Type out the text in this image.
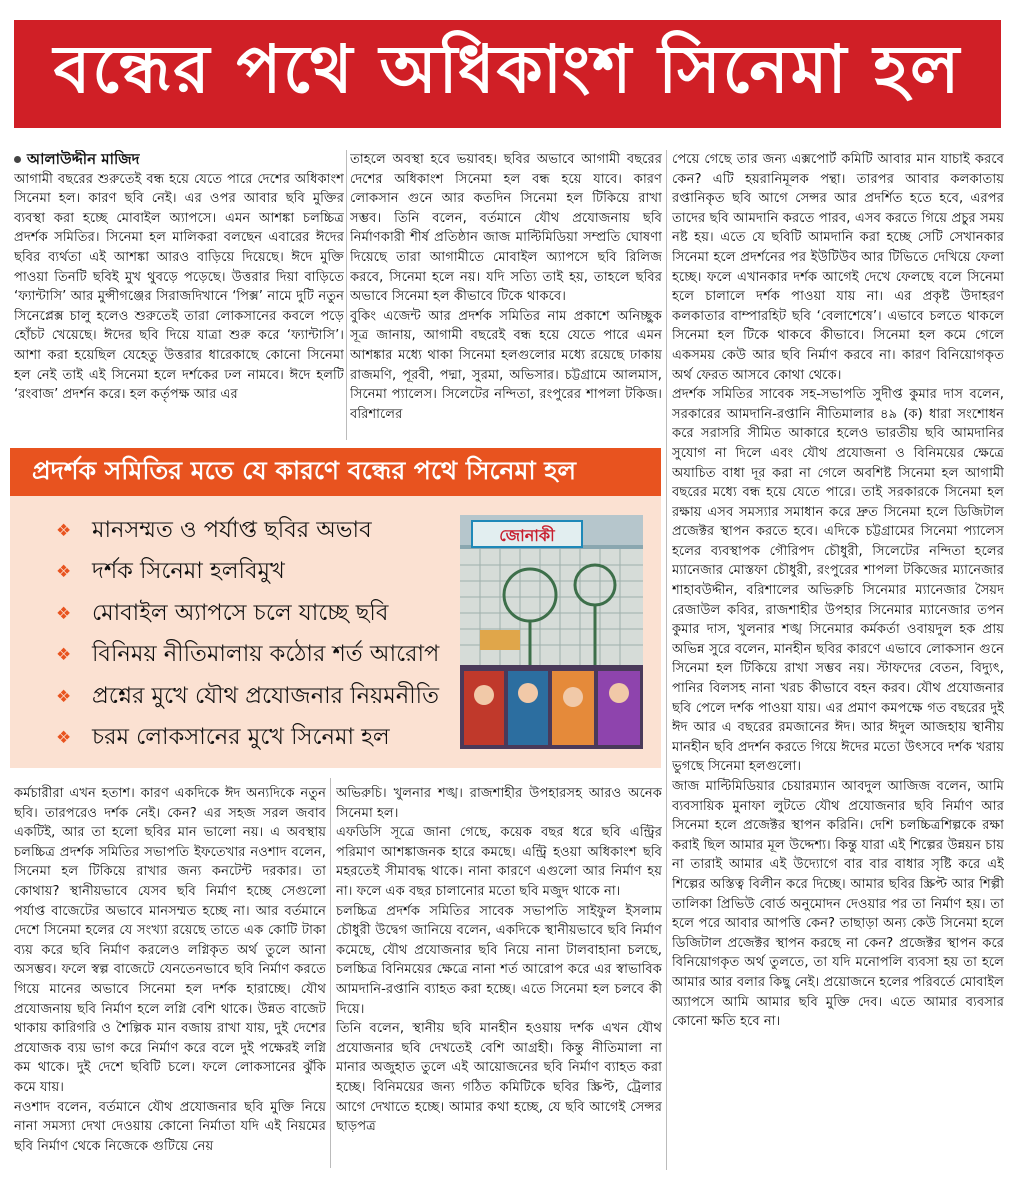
বন্ধের পথে অধিকাংশ সিনেমা হল
আলাউদ্দীন মাজিদ

আগামী বছরের শুরুতেই বন্ধ হয়ে যেতে পারে দেশের অধিকাংশ সিনেমা হল। কারণ ছবি নেই। এর ওপর আবার ছবি মুক্তির ব্যবস্থা করা হচ্ছে মোবাইল অ্যাপসে। এমন আশঙ্কা চলচ্চিত্র প্রদর্শক সমিতির। সিনেমা হল মালিকরা বলছেন এবারের ঈদের ছবির ব্যর্থতা এই আশঙ্কা আরও বাড়িয়ে দিয়েছে। ঈদে মুক্তি পাওয়া তিনটি ছবিই মুখ থুবড়ে পড়েছে। উত্তরার দিয়া বাড়িতে ‘ফ্যান্টাসি’ আর মুন্সীগঞ্জের সিরাজদিখানে ‘পিক্স’ নামে দুটি নতুন সিনেপ্লেক্স চালু হলেও শুরুতেই তারা লোকসানের কবলে পড়ে হোঁচট খেয়েছে। ঈদের ছবি দিয়ে যাত্রা শুরু করে ‘ফ্যান্টাসি’। আশা করা হয়েছিল যেহেতু উত্তরার ধারেকাছে কোনো সিনেমা হল নেই তাই এই সিনেমা হলে দর্শকের ঢল নামবে। ঈদে হলটি ‘রংবাজ’ প্রদর্শন করে। হল কর্তৃপক্ষ আর এর

তাহলে অবস্থা হবে ভয়াবহ। ছবির অভাবে আগামী বছরের দেশের অধিকাংশ সিনেমা হল বন্ধ হয়ে যাবে। কারণ লোকসান গুনে আর কতদিন সিনেমা হল টিকিয়ে রাখা সম্ভব। তিনি বলেন, বর্তমানে যৌথ প্রযোজনায় ছবি নির্মাণকারী শীর্ষ প্রতিষ্ঠান জাজ মাল্টিমিডিয়া সম্প্রতি ঘোষণা দিয়েছে তারা আগামীতে মোবাইল অ্যাপসে ছবি রিলিজ করবে, সিনেমা হলে নয়। যদি সত্যি তাই হয়, তাহলে ছবির অভাবে সিনেমা হল কীভাবে টিকে থাকবে।

বুকিং এজেন্ট আর প্রদর্শক সমিতির নাম প্রকাশে অনিচ্ছুক সূত্র জানায়, আগামী বছরেই বন্ধ হয়ে যেতে পারে এমন আশঙ্কার মধ্যে থাকা সিনেমা হলগুলোর মধ্যে রয়েছে ঢাকায় রাজমণি, পূরবী, পদ্মা, সুরমা, অভিসার। চট্টগ্রামে আলমাস, সিনেমা প্যালেস। সিলেটের নন্দিতা, রংপুরের শাপলা টকিজ। বরিশালের

পেয়ে গেছে তার জন্য এক্সপোর্ট কমিটি আবার মান যাচাই করবে কেন? এটি হয়রানিমূলক পন্থা। তারপর আবার কলকাতায় রপ্তানিকৃত ছবি আগে সেন্সর আর প্রদর্শিত হতে হবে, এরপর তাদের ছবি আমদানি করতে পারব, এসব করতে গিয়ে প্রচুর সময় নষ্ট হয়। এতে যে ছবিটি আমদানি করা হচ্ছে সেটি সেখানকার সিনেমা হলে প্রদর্শনের পর ইউটিউব আর টিভিতে দেখিয়ে ফেলা হচ্ছে। ফলে এখানকার দর্শক আগেই দেখে ফেলছে বলে সিনেমা হলে চালালে দর্শক পাওয়া যায় না। এর প্রকৃষ্ট উদাহরণ কলকাতার বাম্পারহিট ছবি ‘বেলাশেষে’। এভাবে চলতে থাকলে সিনেমা হল টিকে থাকবে কীভাবে। সিনেমা হল কমে গেলে একসময় কেউ আর ছবি নির্মাণ করবে না। কারণ বিনিয়োগকৃত অর্থ ফেরত আসবে কোথা থেকে।

প্রদর্শক সমিতির সাবেক সহ-সভাপতি সুদীপ্ত কুমার দাস বলেন, সরকারের আমদানি-রপ্তানি নীতিমালার ৪৯ (ক) ধারা সংশোধন করে সরাসরি সীমিত আকারে হলেও ভারতীয় ছবি আমদানির সুযোগ না দিলে এবং যৌথ প্রযোজনা ও বিনিময়ের ক্ষেত্রে অযাচিত বাধা দূর করা না গেলে অবশিষ্ট সিনেমা হল আগামী বছরের মধ্যে বন্ধ হয়ে যেতে পারে। তাই সরকারকে সিনেমা হল রক্ষায় এসব সমস্যার সমাধান করে দ্রুত সিনেমা হলে ডিজিটাল প্রজেক্টর স্থাপন করতে হবে। এদিকে চট্টগ্রামের সিনেমা প্যালেস হলের ব্যবস্থাপক গৌরিপদ চৌধুরী, সিলেটের নন্দিতা হলের ম্যানেজার মোস্তফা চৌধুরী, রংপুরের শাপলা টকিজের ম্যানেজার শাহাবউদ্দীন, বরিশালের অভিরুচি সিনেমার ম্যানেজার সৈয়দ রেজাউল কবির, রাজশাহীর উপহার সিনেমার ম্যানেজার তপন কুমার দাস, খুলনার শঙ্খ সিনেমার কর্মকর্তা ওবায়দুল হক প্রায় অভিন্ন সুরে বলেন, মানহীন ছবির কারণে এভাবে লোকসান গুনে সিনেমা হল টিকিয়ে রাখা সম্ভব নয়। স্টাফদের বেতন, বিদ্যুৎ, পানির বিলসহ নানা খরচ কীভাবে বহন করব। যৌথ প্রযোজনার ছবি পেলে দর্শক পাওয়া যায়। এর প্রমাণ কমপক্ষে গত বছরের দুই ঈদ আর এ বছরের রমজানের ঈদ। আর ঈদুল আজহায় স্থানীয় মানহীন ছবি প্রদর্শন করতে গিয়ে ঈদের মতো উৎসবে দর্শক খরায় ভুগছে সিনেমা হলগুলো।

জাজ মাল্টিমিডিয়ার চেয়ারম্যান আবদুল আজিজ বলেন, আমি ব্যবসায়িক মুনাফা লুটতে যৌথ প্রযোজনার ছবি নির্মাণ আর সিনেমা হলে প্রজেক্টর স্থাপন করিনি। দেশি চলচ্চিত্রশিল্পকে রক্ষা করাই ছিল আমার মূল উদ্দেশ্য। কিন্তু যারা এই শিল্পের উন্নয়ন চায় না তারাই আমার এই উদ্যোগে বার বার বাধার সৃষ্টি করে এই শিল্পের অস্তিত্ব বিলীন করে দিচ্ছে। আমার ছবির স্ক্রিপ্ট আর শিল্পী তালিকা প্রিভিউ বোর্ড অনুমোদন দেওয়ার পর তা নির্মাণ হয়। তা হলে পরে আবার আপত্তি কেন? তাছাড়া অন্য কেউ সিনেমা হলে ডিজিটাল প্রজেক্টর স্থাপন করছে না কেন? প্রজেক্টর স্থাপন করে বিনিয়োগকৃত অর্থ তুলতে, তা যদি মনোপলি ব্যবসা হয় তা হলে আমার আর বলার কিছু নেই। প্রয়োজনে হলের পরিবর্তে মোবাইল অ্যাপসে আমি আমার ছবি মুক্তি দেব। এতে আমার ব্যবসার কোনো ক্ষতি হবে না।

প্রদর্শক সমিতির মতে যে কারণে বন্ধের পথে সিনেমা হল
❖ মানসম্মত ও পর্যাপ্ত ছবির অভাব
❖ দর্শক সিনেমা হলবিমুখ
❖ মোবাইল অ্যাপসে চলে যাচ্ছে ছবি
❖ বিনিময় নীতিমালায় কঠোর শর্ত আরোপ
❖ প্রশ্নের মুখে যৌথ প্রযোজনার নিয়মনীতি
❖ চরম লোকসানের মুখে সিনেমা হল
জোনাকী

কর্মচারীরা এখন হতাশ। কারণ একদিকে ঈদ অন্যদিকে নতুন ছবি। তারপরেও দর্শক নেই। কেন? এর সহজ সরল জবাব একটিই, আর তা হলো ছবির মান ভালো নয়। এ অবস্থায় চলচ্চিত্র প্রদর্শক সমিতির সভাপতি ইফতেখার নওশাদ বলেন, সিনেমা হল টিকিয়ে রাখার জন্য কনটেন্ট দরকার। তা কোথায়? স্থানীয়ভাবে যেসব ছবি নির্মাণ হচ্ছে সেগুলো পর্যাপ্ত বাজেটের অভাবে মানসম্মত হচ্ছে না। আর বর্তমানে দেশে সিনেমা হলের যে সংখ্যা রয়েছে তাতে এক কোটি টাকা ব্যয় করে ছবি নির্মাণ করলেও লগ্নিকৃত অর্থ তুলে আনা অসম্ভব। ফলে স্বল্প বাজেটে যেনতেনভাবে ছবি নির্মাণ করতে গিয়ে মানের অভাবে সিনেমা হল দর্শক হারাচ্ছে। যৌথ প্রযোজনায় ছবি নির্মাণ হলে লগ্নি বেশি থাকে। উন্নত বাজেট থাকায় কারিগরি ও শৈল্পিক মান বজায় রাখা যায়, দুই দেশের প্রযোজক ব্যয় ভাগ করে নির্মাণ করে বলে দুই পক্ষেরই লগ্নি কম থাকে। দুই দেশে ছবিটি চলে। ফলে লোকসানের ঝুঁকি কমে যায়।

নওশাদ বলেন, বর্তমানে যৌথ প্রযোজনার ছবি মুক্তি নিয়ে নানা সমস্যা দেখা দেওয়ায় কোনো নির্মাতা যদি এই নিয়মের ছবি নির্মাণ থেকে নিজেকে গুটিয়ে নেয়

অভিরুচি। খুলনার শঙ্খ। রাজশাহীর উপহারসহ আরও অনেক সিনেমা হল।

এফডিসি সূত্রে জানা গেছে, কয়েক বছর ধরে ছবি এন্ট্রির পরিমাণ আশঙ্কাজনক হারে কমছে। এন্ট্রি হওয়া অধিকাংশ ছবি মহরতেই সীমাবদ্ধ থাকে। নানা কারণে এগুলো আর নির্মাণ হয় না। ফলে এক বছর চালানোর মতো ছবি মজুদ থাকে না।

চলচ্চিত্র প্রদর্শক সমিতির সাবেক সভাপতি সাইফুল ইসলাম চৌধুরী উদ্বেগ জানিয়ে বলেন, একদিকে স্থানীয়ভাবে ছবি নির্মাণ কমেছে, যৌথ প্রযোজনার ছবি নিয়ে নানা টালবাহানা চলছে, চলচ্চিত্র বিনিময়ের ক্ষেত্রে নানা শর্ত আরোপ করে এর স্বাভাবিক আমদানি-রপ্তানি ব্যাহত করা হচ্ছে। এতে সিনেমা হল চলবে কী দিয়ে।

তিনি বলেন, স্থানীয় ছবি মানহীন হওয়ায় দর্শক এখন যৌথ প্রযোজনার ছবি দেখতেই বেশি আগ্রহী। কিন্তু নীতিমালা না মানার অজুহাত তুলে এই আয়োজনের ছবি নির্মাণ ব্যাহত করা হচ্ছে। বিনিময়ের জন্য গঠিত কমিটিকে ছবির স্ক্রিপ্ট, ট্রেলার আগে দেখাতে হচ্ছে। আমার কথা হচ্ছে, যে ছবি আগেই সেন্সর ছাড়পত্র
